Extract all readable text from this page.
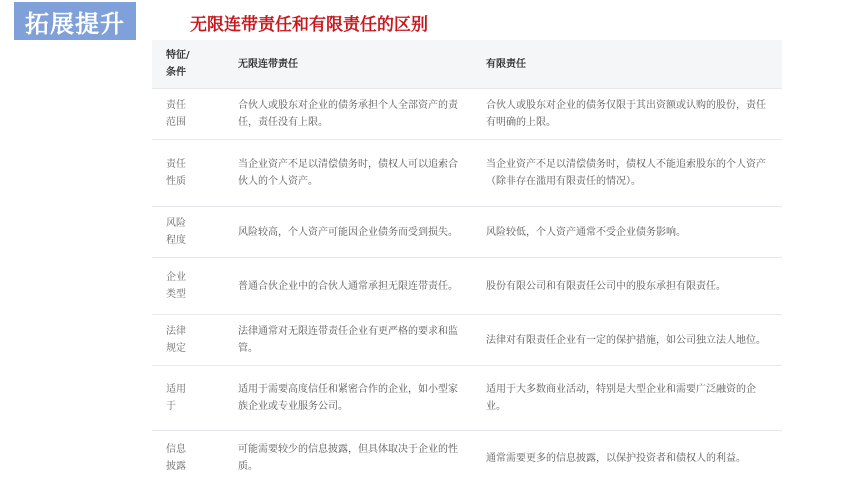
拓展提升	无限连带责任和有限责任的区别
特征/
条件	无限连带责任	有限责任
责任
范围	合伙人或股东对企业的债务承担个人全部资产的责任，责任没有上限。	合伙人或股东对企业的债务仅限于其出资额或认购的股份，责任有明确的上限。
责任
性质	当企业资产不足以清偿债务时，债权人可以追索合伙人的个人资产。	当企业资产不足以清偿债务时，债权人不能追索股东的个人资产（除非存在滥用有限责任的情况）。
风险
程度	风险较高，个人资产可能因企业债务而受到损失。	风险较低，个人资产通常不受企业债务影响。
企业
类型	普通合伙企业中的合伙人通常承担无限连带责任。	股份有限公司和有限责任公司中的股东承担有限责任。
法律
规定	法律通常对无限连带责任企业有更严格的要求和监管。	法律对有限责任企业有一定的保护措施，如公司独立法人地位。
适用
于	适用于需要高度信任和紧密合作的企业，如小型家族企业或专业服务公司。	适用于大多数商业活动，特别是大型企业和需要广泛融资的企业。
信息
披露	可能需要较少的信息披露，但具体取决于企业的性质。	通常需要更多的信息披露，以保护投资者和债权人的利益。
